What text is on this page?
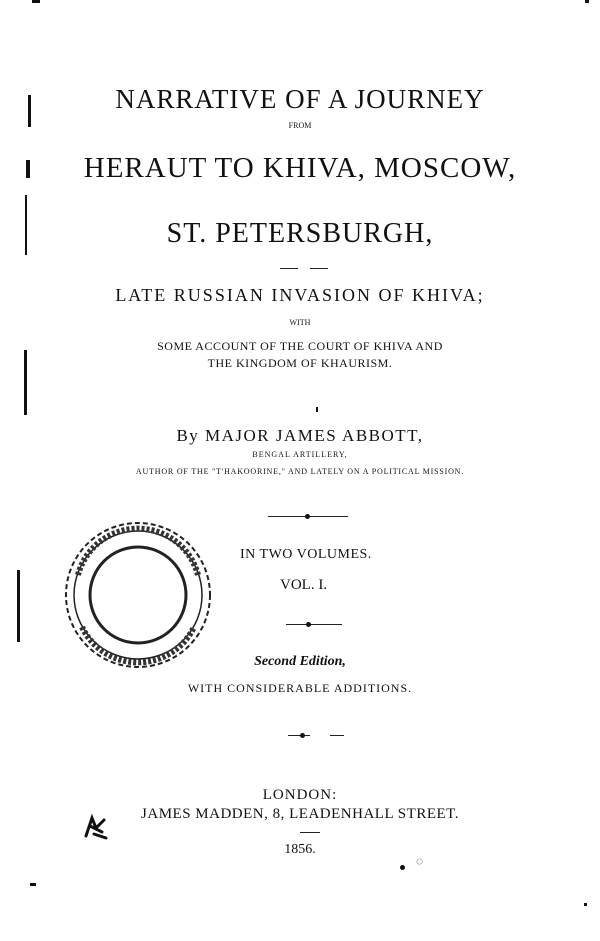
NARRATIVE OF A JOURNEY
FROM
HERAUT TO KHIVA, MOSCOW,
ST. PETERSBURGH,
LATE RUSSIAN INVASION OF KHIVA;
WITH
SOME ACCOUNT OF THE COURT OF KHIVA AND
THE KINGDOM OF KHAURISM.
By MAJOR JAMES ABBOTT,
BENGAL ARTILLERY,
AUTHOR OF THE "T'HAKOORINE," AND LATELY ON A POLITICAL MISSION.
IN TWO VOLUMES.
VOL. I.
Second Edition,
WITH CONSIDERABLE ADDITIONS.
LONDON:
JAMES MADDEN, 8, LEADENHALL STREET.
1856.
◌
